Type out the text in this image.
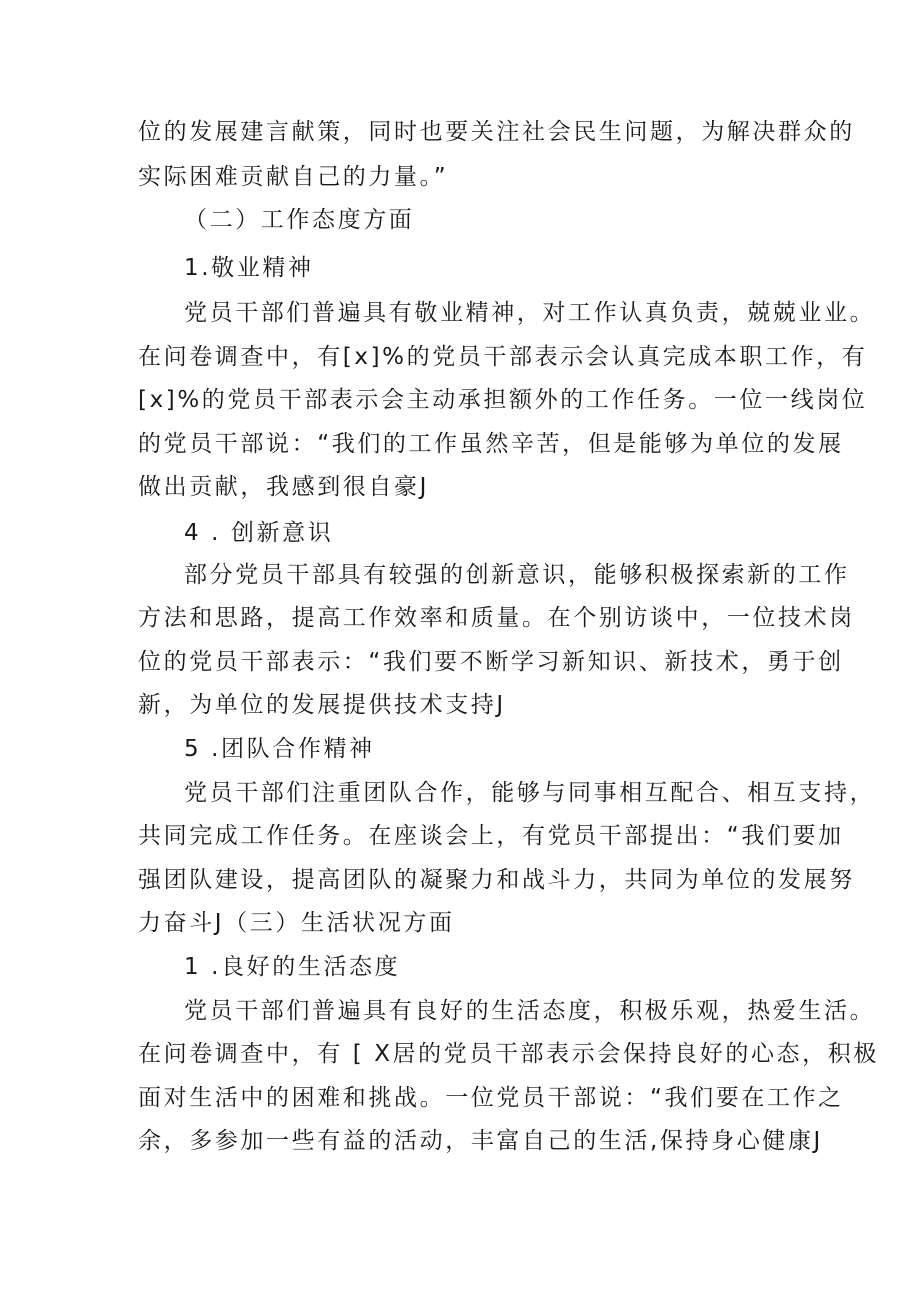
位的发展建言献策，同时也要关注社会民生问题，为解决群众的
实际困难贡献自己的力量。”
（二）工作态度方面
1.敬业精神
党员干部们普遍具有敬业精神，对工作认真负责，兢兢业业。
在问卷调查中，有[x]%的党员干部表示会认真完成本职工作，有
[x]%的党员干部表示会主动承担额外的工作任务。一位一线岗位
的党员干部说：“我们的工作虽然辛苦，但是能够为单位的发展
做出贡献，我感到很自豪J
4 . 创新意识
部分党员干部具有较强的创新意识，能够积极探索新的工作
方法和思路，提高工作效率和质量。在个别访谈中，一位技术岗
位的党员干部表示：“我们要不断学习新知识、新技术，勇于创
新，为单位的发展提供技术支持J
5 .团队合作精神
党员干部们注重团队合作，能够与同事相互配合、相互支持，
共同完成工作任务。在座谈会上，有党员干部提出：“我们要加
强团队建设，提高团队的凝聚力和战斗力，共同为单位的发展努
力奋斗J（三）生活状况方面
1 .良好的生活态度
党员干部们普遍具有良好的生活态度，积极乐观，热爱生活。
在问卷调查中，有 [ X居的党员干部表示会保持良好的心态，积极
面对生活中的困难和挑战。一位党员干部说：“我们要在工作之
余，多参加一些有益的活动，丰富自己的生活,保持身心健康J
